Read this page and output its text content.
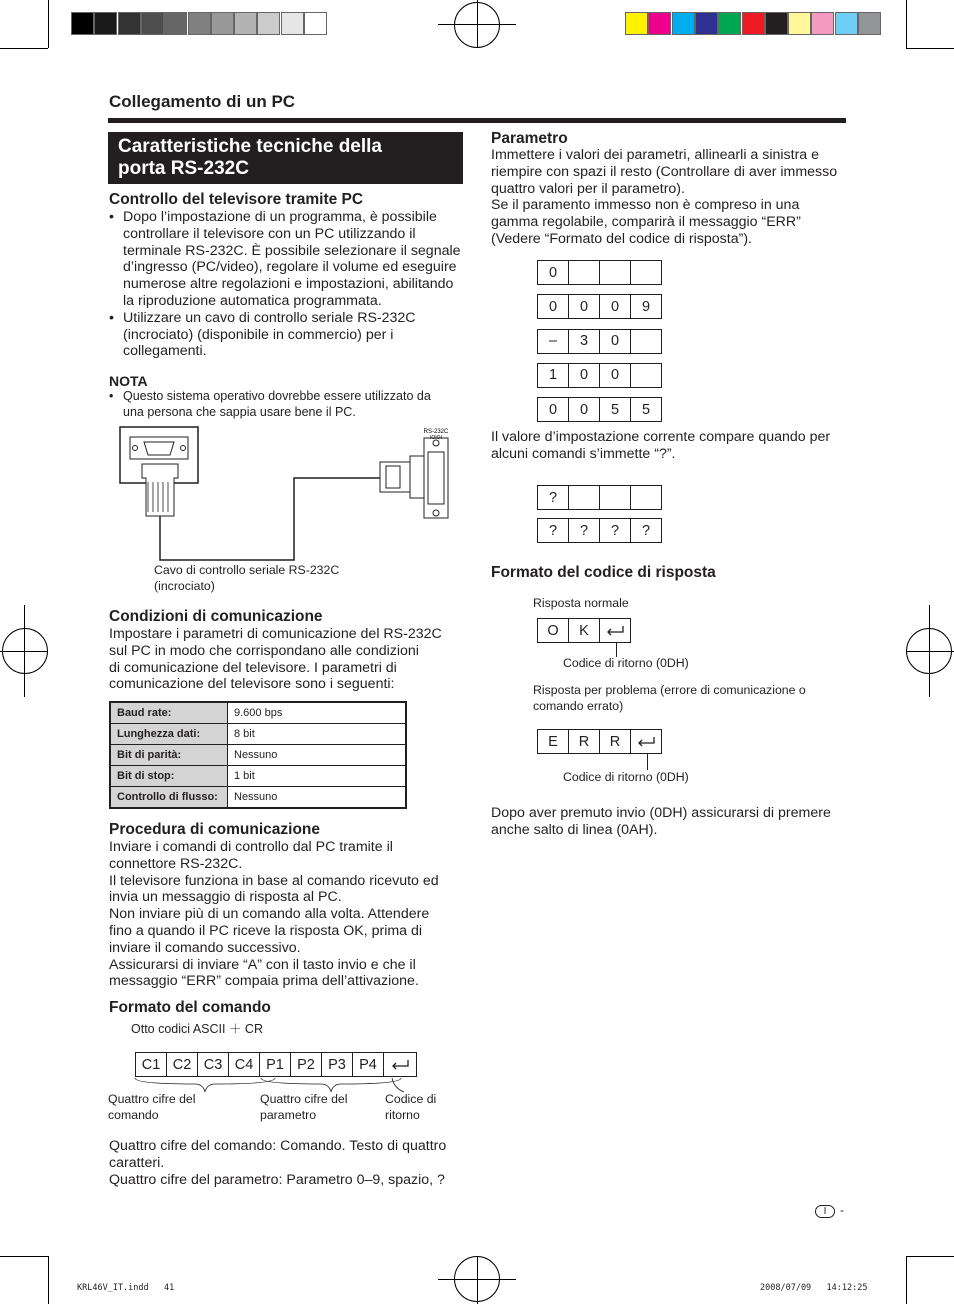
Collegamento di un PC
Caratteristiche tecniche della
porta RS-232C
Controllo del televisore tramite PC
• Dopo l’impostazione di un programma, è possibile
controllare il televisore con un PC utilizzando il
terminale RS-232C. È possibile selezionare il segnale
d’ingresso (PC/video), regolare il volume ed eseguire
numerose altre regolazioni e impostazioni, abilitando
la riproduzione automatica programmata.
• Utilizzare un cavo di controllo seriale RS-232C
(incrociato) (disponibile in commercio) per i
collegamenti.
NOTA
• Questo sistema operativo dovrebbe essere utilizzato da
una persona che sappia usare bene il PC.
RS-232C
IOIOI
Cavo di controllo seriale RS-232C
(incrociato)
Condizioni di comunicazione
Impostare i parametri di comunicazione del RS-232C
sul PC in modo che corrispondano alle condizioni
di comunicazione del televisore. I parametri di
comunicazione del televisore sono i seguenti:
Baud rate:	9.600 bps
Lunghezza dati:	8 bit
Bit di parità:	Nessuno
Bit di stop:	1 bit
Controllo di flusso:	Nessuno
Procedura di comunicazione
Inviare i comandi di controllo dal PC tramite il
connettore RS-232C.
Il televisore funziona in base al comando ricevuto ed
invia un messaggio di risposta al PC.
Non inviare più di un comando alla volta. Attendere
fino a quando il PC riceve la risposta OK, prima di
inviare il comando successivo.
Assicurarsi di inviare “A” con il tasto invio e che il
messaggio “ERR” compaia prima dell’attivazione.
Formato del comando
Otto codici ASCII ＋ CR
C1 C2 C3 C4 P1 P2 P3 P4
Quattro cifre del
comando
Quattro cifre del
parametro
Codice di
ritorno
Quattro cifre del comando: Comando. Testo di quattro
caratteri.
Quattro cifre del parametro: Parametro 0–9, spazio, ?
Parametro
Immettere i valori dei parametri, allinearli a sinistra e
riempire con spazi il resto (Controllare di aver immesso
quattro valori per il parametro).
Se il paramento immesso non è compreso in una
gamma regolabile, comparirà il messaggio “ERR”
(Vedere “Formato del codice di risposta”).
0
0	0	0	9
–	3	0
1	0	0
0	0	5	5
Il valore d’impostazione corrente compare quando per
alcuni comandi s’immette “?”.
?
?	?	?	?
Formato del codice di risposta
Risposta normale
O	K
Codice di ritorno (0DH)
Risposta per problema (errore di comunicazione o
comando errato)
E	R	R
Codice di ritorno (0DH)
Dopo aver premuto invio (0DH) assicurarsi di premere
anche salto di linea (0AH).
I	-
KRL46V_IT.indd   41	2008/07/09   14:12:25
